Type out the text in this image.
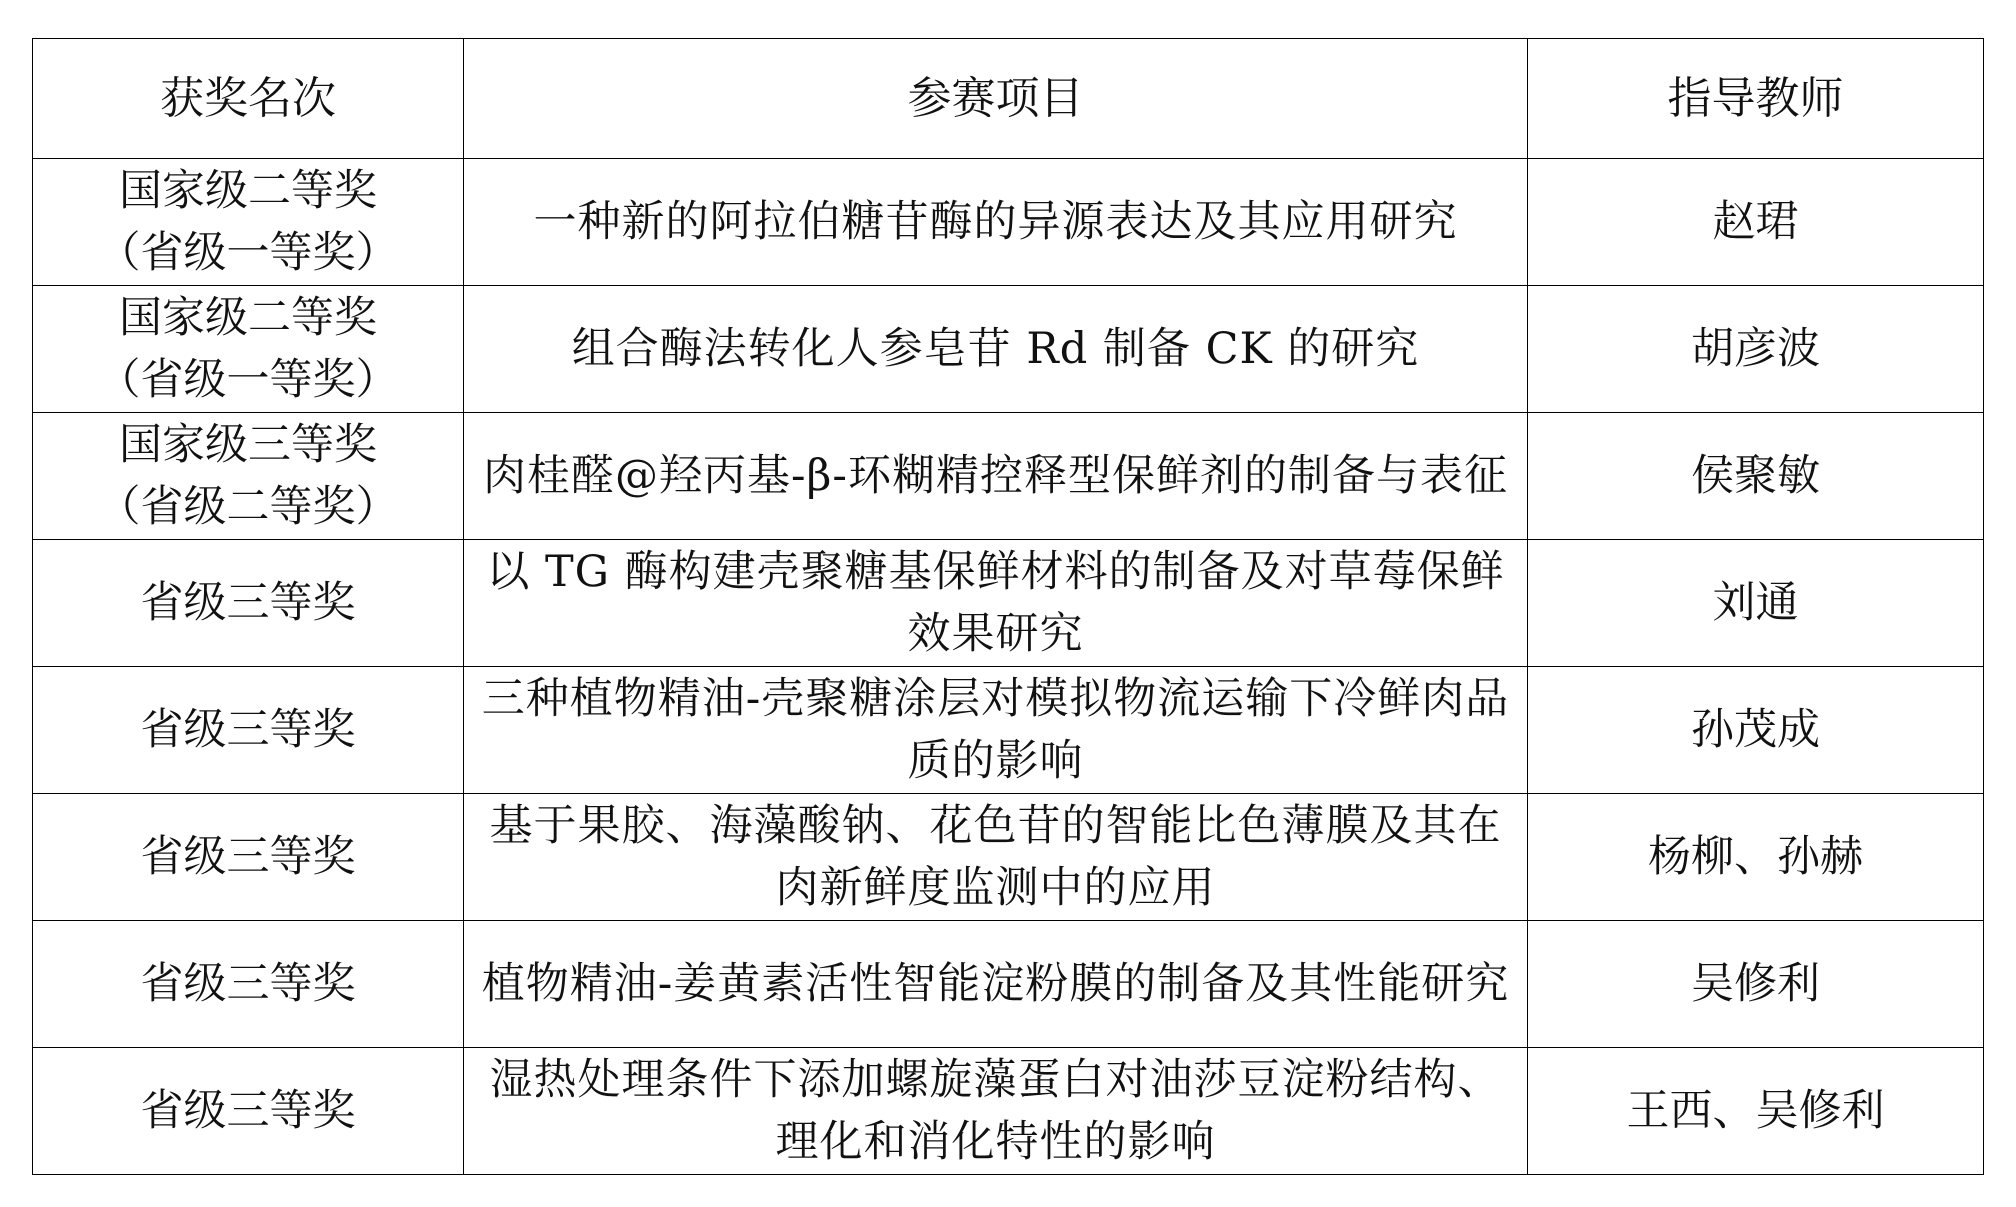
获奖名次	参赛项目	指导教师

国家级二等奖
（省级一等奖）	一种新的阿拉伯糖苷酶的异源表达及其应用研究	赵珺

国家级二等奖
（省级一等奖）	组合酶法转化人参皂苷 Rd 制备 CK 的研究	胡彦波

国家级三等奖
（省级二等奖）	肉桂醛@羟丙基-β-环糊精控释型保鲜剂的制备与表征	侯聚敏
省级三等奖	以 TG 酶构建壳聚糖基保鲜材料的制备及对草莓保鲜效果研究	刘通
省级三等奖	三种植物精油-壳聚糖涂层对模拟物流运输下冷鲜肉品质的影响	孙茂成
省级三等奖	基于果胶、海藻酸钠、花色苷的智能比色薄膜及其在肉新鲜度监测中的应用	杨柳、孙赫
省级三等奖	植物精油-姜黄素活性智能淀粉膜的制备及其性能研究	吴修利
省级三等奖	湿热处理条件下添加螺旋藻蛋白对油莎豆淀粉结构、理化和消化特性的影响	王西、吴修利
